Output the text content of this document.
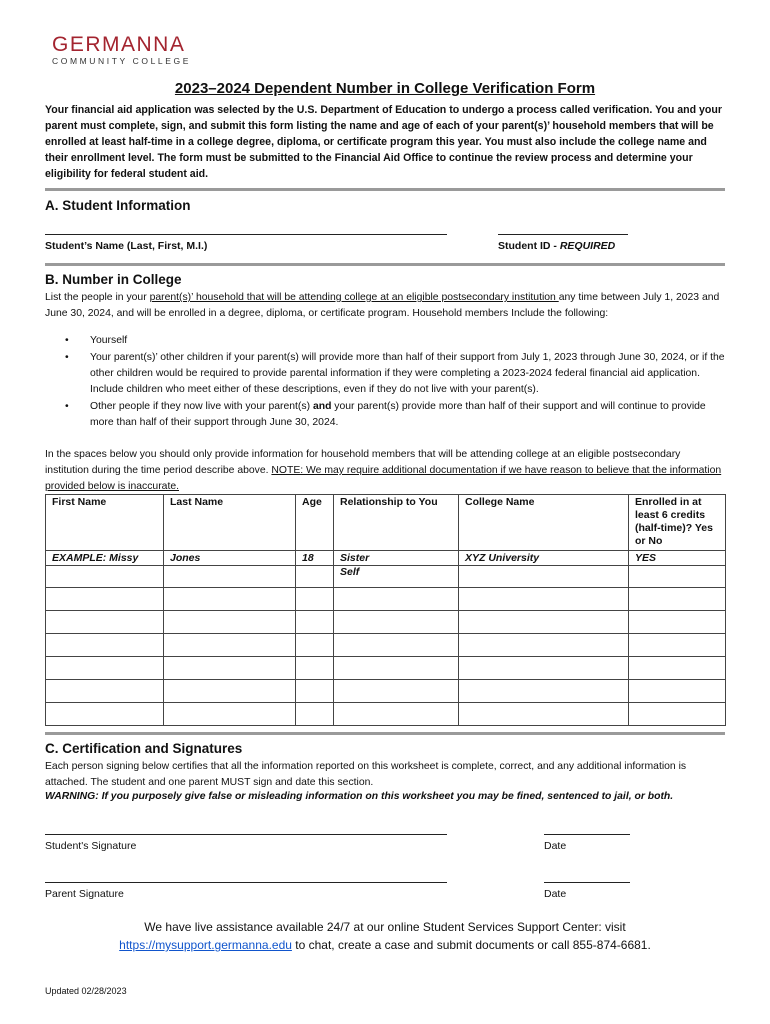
GERMANNA
COMMUNITY COLLEGE
2023–2024 Dependent Number in College Verification Form
Your financial aid application was selected by the U.S. Department of Education to undergo a process called verification. You and your parent must complete, sign, and submit this form listing the name and age of each of your parent(s)’ household members that will be enrolled at least half-time in a college degree, diploma, or certificate program this year. You must also include the college name and their enrollment level. The form must be submitted to the Financial Aid Office to continue the review process and determine your eligibility for federal student aid.
A. Student Information
Student’s Name (Last, First, M.I.)	Student ID - REQUIRED
B. Number in College
List the people in your parent(s)’ household that will be attending college at an eligible postsecondary institution any time between July 1, 2023 and June 30, 2024, and will be enrolled in a degree, diploma, or certificate program. Household members Include the following:
• Yourself
• Your parent(s)’ other children if your parent(s) will provide more than half of their support from July 1, 2023 through June 30, 2024, or if the other children would be required to provide parental information if they were completing a 2023-2024 federal financial aid application. Include children who meet either of these descriptions, even if they do not live with your parent(s).
• Other people if they now live with your parent(s) and your parent(s) provide more than half of their support and will continue to provide more than half of their support through June 30, 2024.
In the spaces below you should only provide information for household members that will be attending college at an eligible postsecondary institution during the time period describe above. NOTE: We may require additional documentation if we have reason to believe that the information provided below is inaccurate.
First Name	Last Name	Age	Relationship to You	College Name	Enrolled in at least 6 credits (half-time)? Yes or No
EXAMPLE: Missy	Jones	18	Sister	XYZ University	YES
			Self		

C. Certification and Signatures
Each person signing below certifies that all the information reported on this worksheet is complete, correct, and any additional information is attached. The student and one parent MUST sign and date this section.
WARNING: If you purposely give false or misleading information on this worksheet you may be fined, sentenced to jail, or both.
Student's Signature	Date
Parent Signature	Date
We have live assistance available 24/7 at our online Student Services Support Center: visit
https://mysupport.germanna.edu to chat, create a case and submit documents or call 855-874-6681.
Updated 02/28/2023
